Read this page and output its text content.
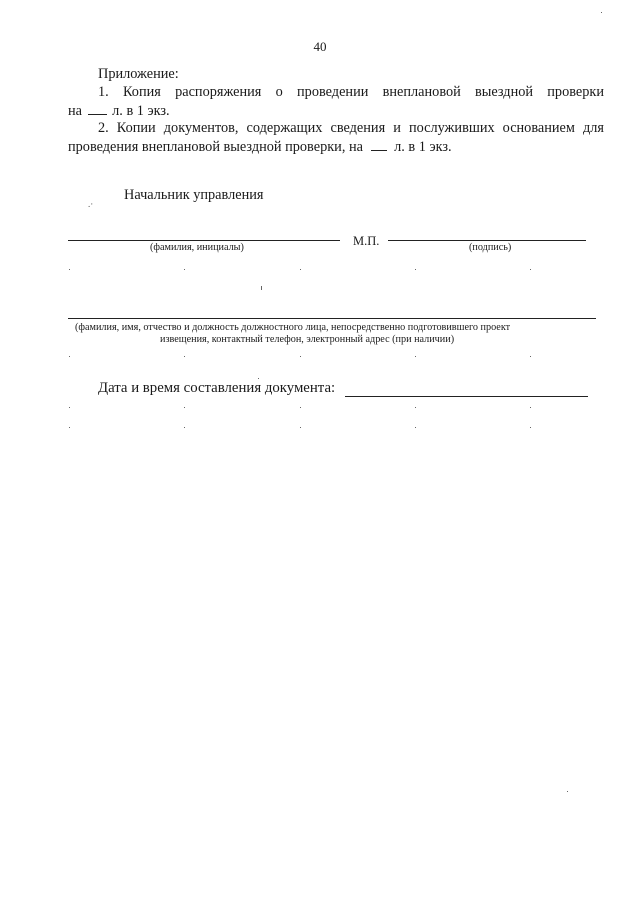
40
Приложение:
1. Копия распоряжения о проведении внеплановой выездной проверки
на л. в 1 экз.
2. Копии документов, содержащих сведения и послуживших основанием для
проведения внеплановой выездной проверки, на л. в 1 экз.
Начальник управления
.·
(фамилия, инициалы)	М.П.	(подпись)
(фамилия, имя, отчество и должность должностного лица, непосредственно подготовившего проект
извещения, контактный телефон, электронный адрес (при наличии)
Дата и время составления документа:
